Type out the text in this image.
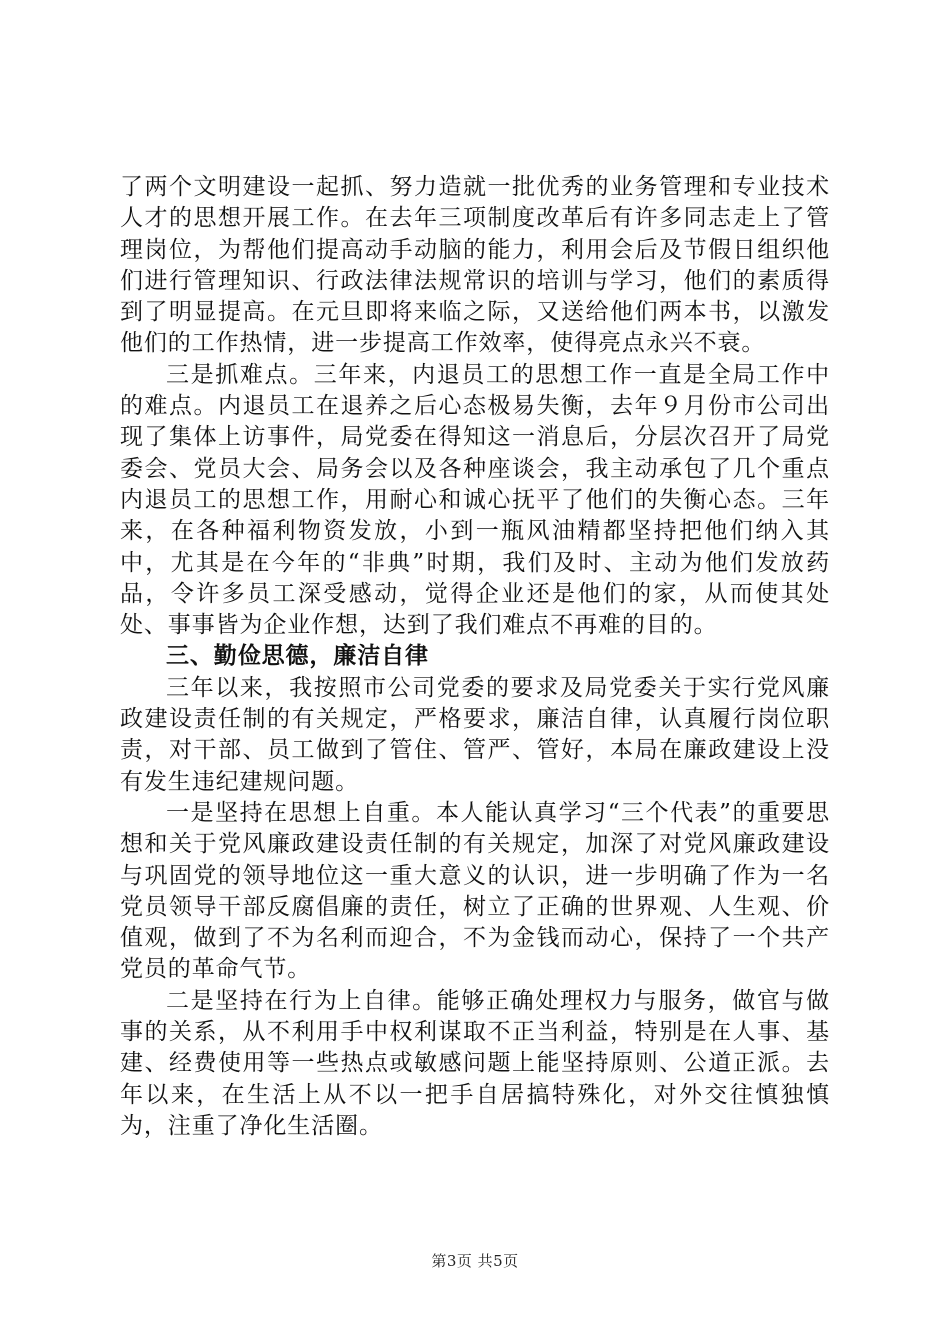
了两个文明建设一起抓、努力造就一批优秀的业务管理和专业技术人才的思想开展工作。在去年三项制度改革后有许多同志走上了管理岗位，为帮他们提高动手动脑的能力，利用会后及节假日组织他们进行管理知识、行政法律法规常识的培训与学习，他们的素质得到了明显提高。在元旦即将来临之际，又送给他们两本书，以激发他们的工作热情，进一步提高工作效率，使得亮点永兴不衰。

三是抓难点。三年来，内退员工的思想工作一直是全局工作中的难点。内退员工在退养之后心态极易失衡，去年９月份市公司出现了集体上访事件，局党委在得知这一消息后，分层次召开了局党委会、党员大会、局务会以及各种座谈会，我主动承包了几个重点内退员工的思想工作，用耐心和诚心抚平了他们的失衡心态。三年来，在各种福利物资发放，小到一瓶风油精都坚持把他们纳入其中，尤其是在今年的“非典”时期，我们及时、主动为他们发放药品，令许多员工深受感动，觉得企业还是他们的家，从而使其处处、事事皆为企业作想，达到了我们难点不再难的目的。

三、勤俭思德，廉洁自律

三年以来，我按照市公司党委的要求及局党委关于实行党风廉政建设责任制的有关规定，严格要求，廉洁自律，认真履行岗位职责，对干部、员工做到了管住、管严、管好，本局在廉政建设上没有发生违纪建规问题。

一是坚持在思想上自重。本人能认真学习“三个代表”的重要思想和关于党风廉政建设责任制的有关规定，加深了对党风廉政建设与巩固党的领导地位这一重大意义的认识，进一步明确了作为一名党员领导干部反腐倡廉的责任，树立了正确的世界观、人生观、价值观，做到了不为名利而迎合，不为金钱而动心，保持了一个共产党员的革命气节。

二是坚持在行为上自律。能够正确处理权力与服务，做官与做事的关系，从不利用手中权利谋取不正当利益，特别是在人事、基建、经费使用等一些热点或敏感问题上能坚持原则、公道正派。去年以来，在生活上从不以一把手自居搞特殊化，对外交往慎独慎为，注重了净化生活圈。

第3页 共5页
